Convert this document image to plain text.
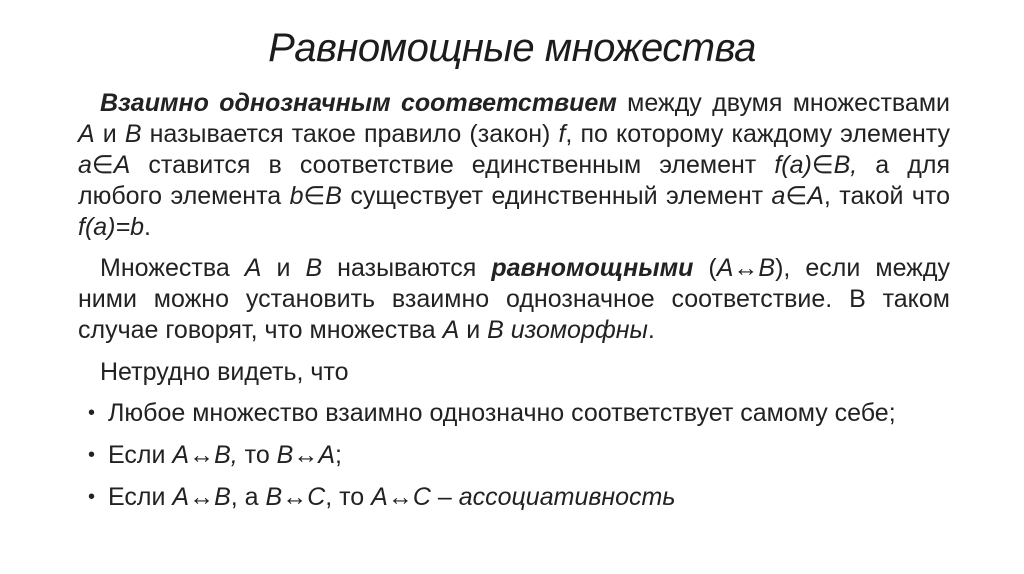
Равномощные множества

Взаимно однозначным соответствием между двумя множествами A и B называется такое правило (закон) f, по которому каждому элементу a∈A ставится в соответствие единственным элемент f(a)∈B, а для любого элемента b∈B существует единственный элемент a∈A, такой что f(a)=b.

Множества A и B называются равномощными (A↔B), если между ними можно установить взаимно однозначное соответствие. В таком случае говорят, что множества A и B изоморфны.

Нетрудно видеть, что
• Любое множество взаимно однозначно соответствует самому себе;
• Если A↔B, то B↔A;
• Если A↔B, а B↔C, то A↔C – ассоциативность
